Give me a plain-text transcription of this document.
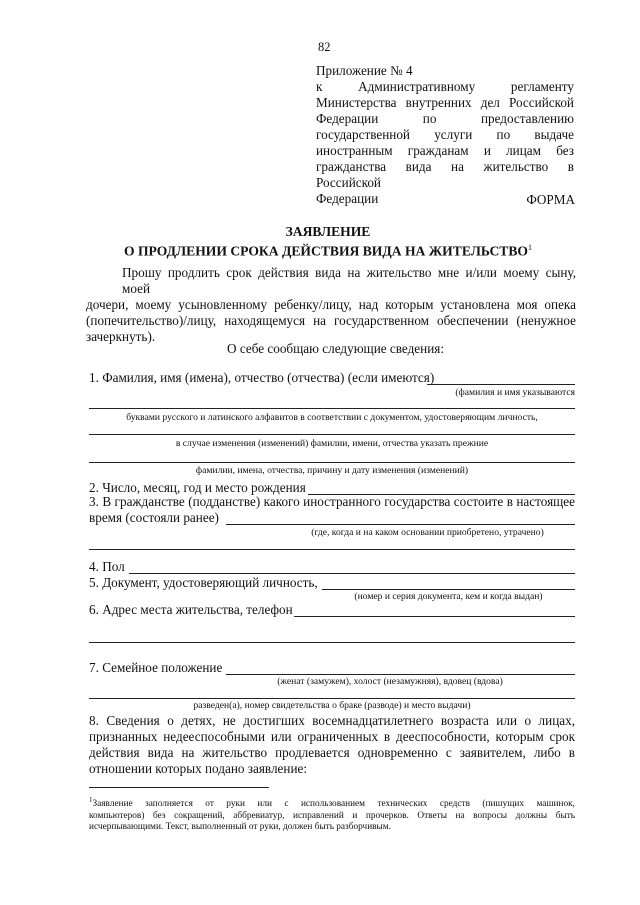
82
Приложение № 4
к Административному регламенту
Министерства внутренних дел Российской
Федерации по предоставлению
государственной услуги по выдаче
иностранным гражданам и лицам без
гражданства вида на жительство в Российской
Федерации	ФОРМА
ЗАЯВЛЕНИЕ
О ПРОДЛЕНИИ СРОКА ДЕЙСТВИЯ ВИДА НА ЖИТЕЛЬСТВО$^1$
Прошу продлить срок действия вида на жительство мне и/или моему сыну, моей
дочери, моему усыновленному ребенку/лицу, над которым установлена моя опека
(попечительство)/лицу, находящемуся на государственном обеспечении (ненужное
зачеркнуть).
О себе сообщаю следующие сведения:
1. Фамилия, имя (имена), отчество (отчества) (если имеются)
(фамилия и имя указываются
буквами русского и латинского алфавитов в соответствии с документом, удостоверяющим личность,
в случае изменения (изменений) фамилии, имени, отчества указать прежние
фамилии, имена, отчества, причину и дату изменения (изменений)
2. Число, месяц, год и место рождения
3. В гражданстве (подданстве) какого иностранного государства состоите в настоящее
время (состояли ранее)
(где, когда и на каком основании приобретено, утрачено)
4. Пол
5. Документ, удостоверяющий личность,
(номер и серия документа, кем и когда выдан)
6. Адрес места жительства, телефон
7. Семейное положение
(женат (замужем), холост (незамужняя), вдовец (вдова)
разведен(а), номер свидетельства о браке (разводе) и место выдачи)
8. Сведения о детях, не достигших восемнадцатилетнего возраста или о лицах,
признанных недееспособными или ограниченных в дееспособности, которым срок
действия вида на жительство продлевается одновременно с заявителем, либо в
отношении которых подано заявление:
$^1$Заявление заполняется от руки или с использованием технических средств (пишущих машинок,
компьютеров) без сокращений, аббревиатур, исправлений и прочерков. Ответы на вопросы должны быть
исчерпывающими. Текст, выполненный от руки, должен быть разборчивым.
